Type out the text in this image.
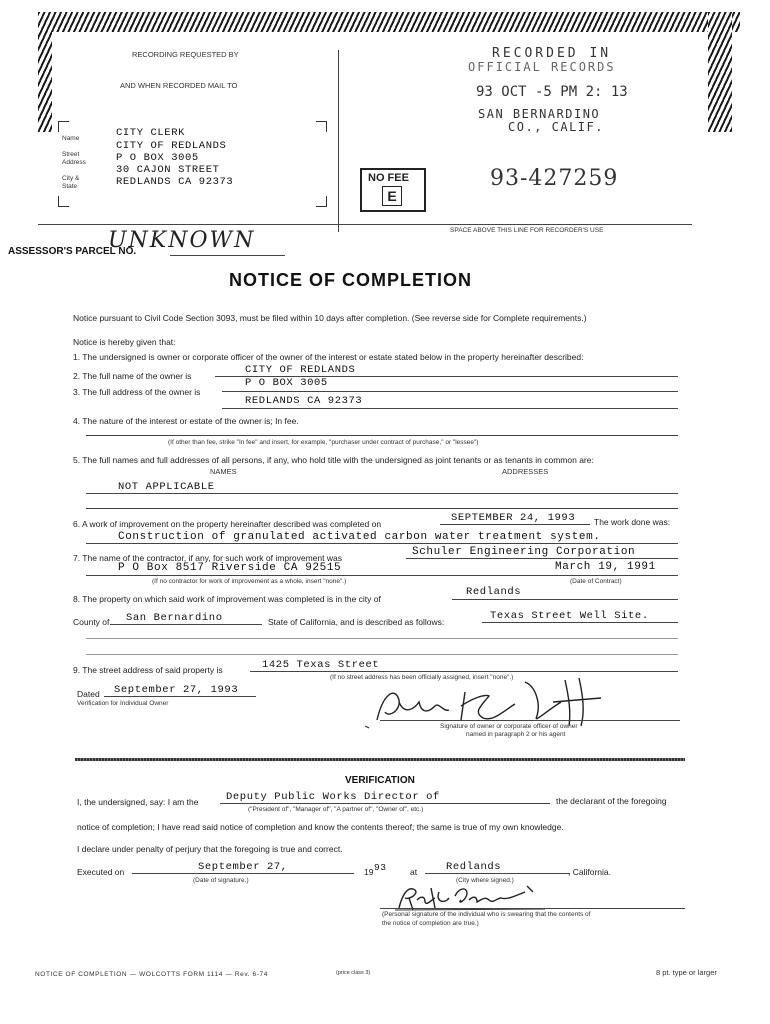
RECORDING REQUESTED BY
AND WHEN RECORDED MAIL TO
Name
Street
Address
City &
State
CITY CLERK
CITY OF REDLANDS
P O BOX 3005
30 CAJON STREET
REDLANDS CA 92373
RECORDED IN
OFFICIAL RECORDS
93 OCT -5 PM 2: 13
SAN BERNARDINO
CO., CALIF.
NO FEE
E
93-427259
SPACE ABOVE THIS LINE FOR RECORDER'S USE
ASSESSOR'S PARCEL NO.
UNKNOWN
NOTICE OF COMPLETION
Notice pursuant to Civil Code Section 3093, must be filed within 10 days after completion. (See reverse side for Complete requirements.)
Notice is hereby given that:
1. The undersigned is owner or corporate officer of the owner of the interest or estate stated below in the property hereinafter described:
2. The full name of the owner is	CITY OF REDLANDS
3. The full address of the owner is
P O BOX 3005
REDLANDS CA 92373
4. The nature of the interest or estate of the owner is; In fee.
(If other than fee, strike "In fee" and insert, for example, "purchaser under contract of purchase," or "lessee")
5. The full names and full addresses of all persons, if any, who hold title with the undersigned as joint tenants or as tenants in common are:
NAMES	ADDRESSES
NOT APPLICABLE
6. A work of improvement on the property hereinafter described was completed on	SEPTEMBER 24, 1993 The work done was:
Construction of granulated activated carbon water treatment system.
7. The name of the contractor, if any, for such work of improvement was	Schuler Engineering Corporation
P O Box 8517 Riverside CA 92515	March 19, 1991
(If no contractor for work of improvement as a whole, insert "none".)	(Date of Contract)
8. The property on which said work of improvement was completed is in the city of
Redlands
County of San Bernardino	State of California, and is described as follows:	Texas Street Well Site.
9. The street address of said property is	1425 Texas Street
(If no street address has been officially assigned, insert "none".)
Dated September 27, 1993
Verification for Individual Owner
Signature of owner or corporate officer of owner
named in paragraph 2 or his agent
VERIFICATION
I, the undersigned, say: I am the	Deputy Public Works Director of	the declarant of the foregoing
("President of", "Manager of", "A partner of", "Owner of", etc.)
notice of completion; I have read said notice of completion and know the contents thereof; the same is true of my own knowledge.
I declare under penalty of perjury that the foregoing is true and correct.
Executed on	September 27,	19 93	at	Redlands	, California.
(Date of signature.)	(City where signed.)
(Personal signature of the individual who is swearing that the contents of
the notice of completion are true.)
NOTICE OF COMPLETION — WOLCOTTS FORM 1114 — Rev. 6-74	(price class 3)	8 pt. type or larger
